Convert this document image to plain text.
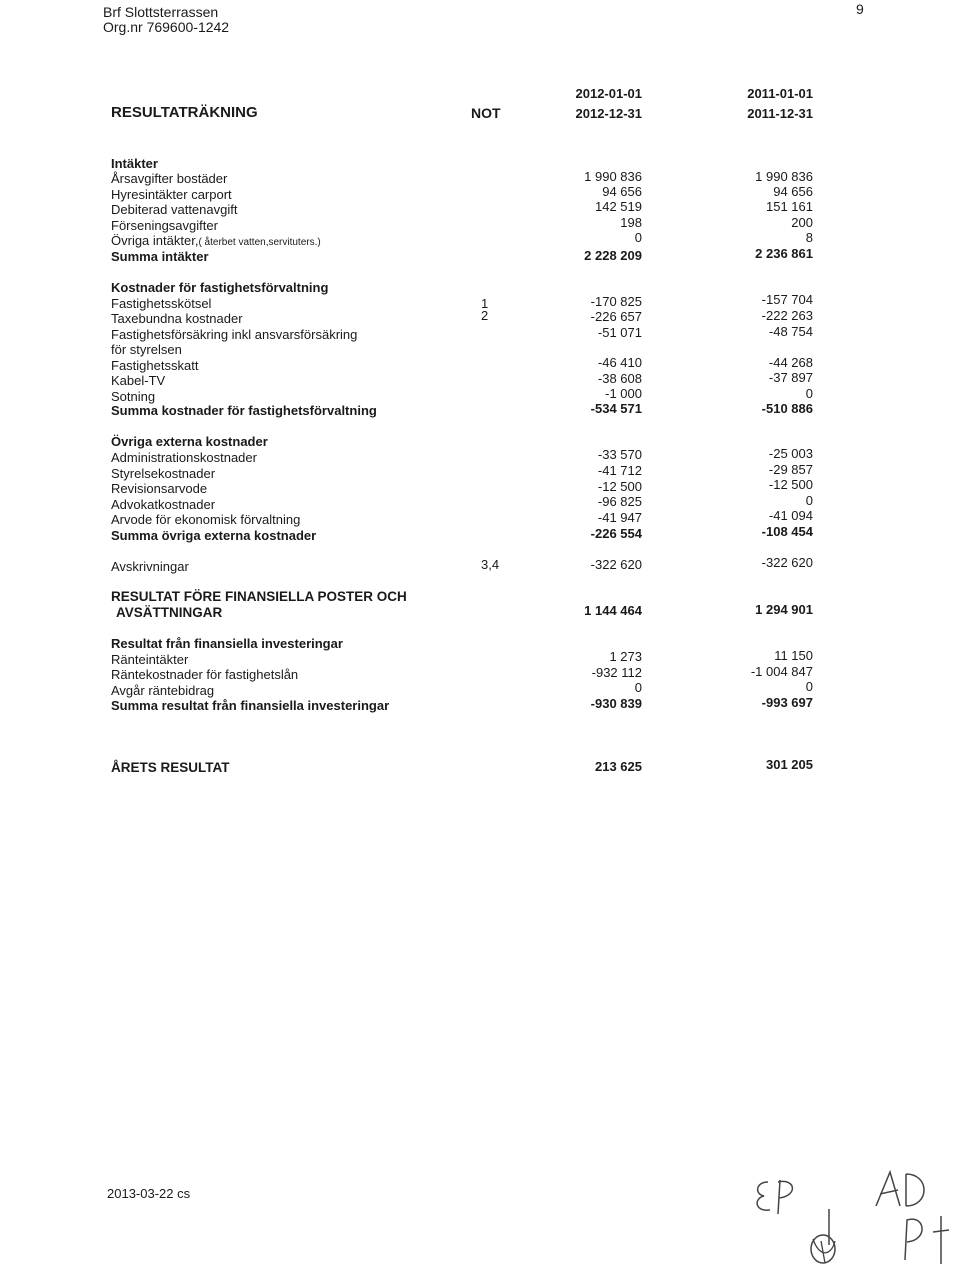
Brf Slottsterrassen
Org.nr 769600-1242
9
2012-01-01	2011-01-01
RESULTATRÄKNING	NOT	2012-12-31	2011-12-31
Intäkter
Årsavgifter bostäder	1 990 836	1 990 836
Hyresintäkter carport	94 656	94 656
Debiterad vattenavgift	142 519	151 161
Förseningsavgifter	198	200
Övriga intäkter,( återbet vatten,servituters.)	0	8
Summa intäkter	2 228 209	2 236 861
Kostnader för fastighetsförvaltning
Fastighetsskötsel	1	-170 825	-157 704
Taxebundna kostnader	2	-226 657	-222 263
Fastighetsförsäkring inkl ansvarsförsäkring	-51 071	-48 754
för styrelsen
Fastighetsskatt	-46 410	-44 268
Kabel-TV	-38 608	-37 897
Sotning	-1 000	0
Summa kostnader för fastighetsförvaltning	-534 571	-510 886
Övriga externa kostnader
Administrationskostnader	-33 570	-25 003
Styrelsekostnader	-41 712	-29 857
Revisionsarvode	-12 500	-12 500
Advokatkostnader	-96 825	0
Arvode för ekonomisk förvaltning	-41 947	-41 094
Summa övriga externa kostnader	-226 554	-108 454
Avskrivningar	3,4	-322 620	-322 620
RESULTAT FÖRE FINANSIELLA POSTER OCH
AVSÄTTNINGAR	1 144 464	1 294 901
Resultat från finansiella investeringar
Ränteintäkter	1 273	11 150
Räntekostnader för fastighetslån	-932 112	-1 004 847
Avgår räntebidrag	0	0
Summa resultat från finansiella investeringar	-930 839	-993 697
ÅRETS RESULTAT	213 625	301 205
2013-03-22 cs
